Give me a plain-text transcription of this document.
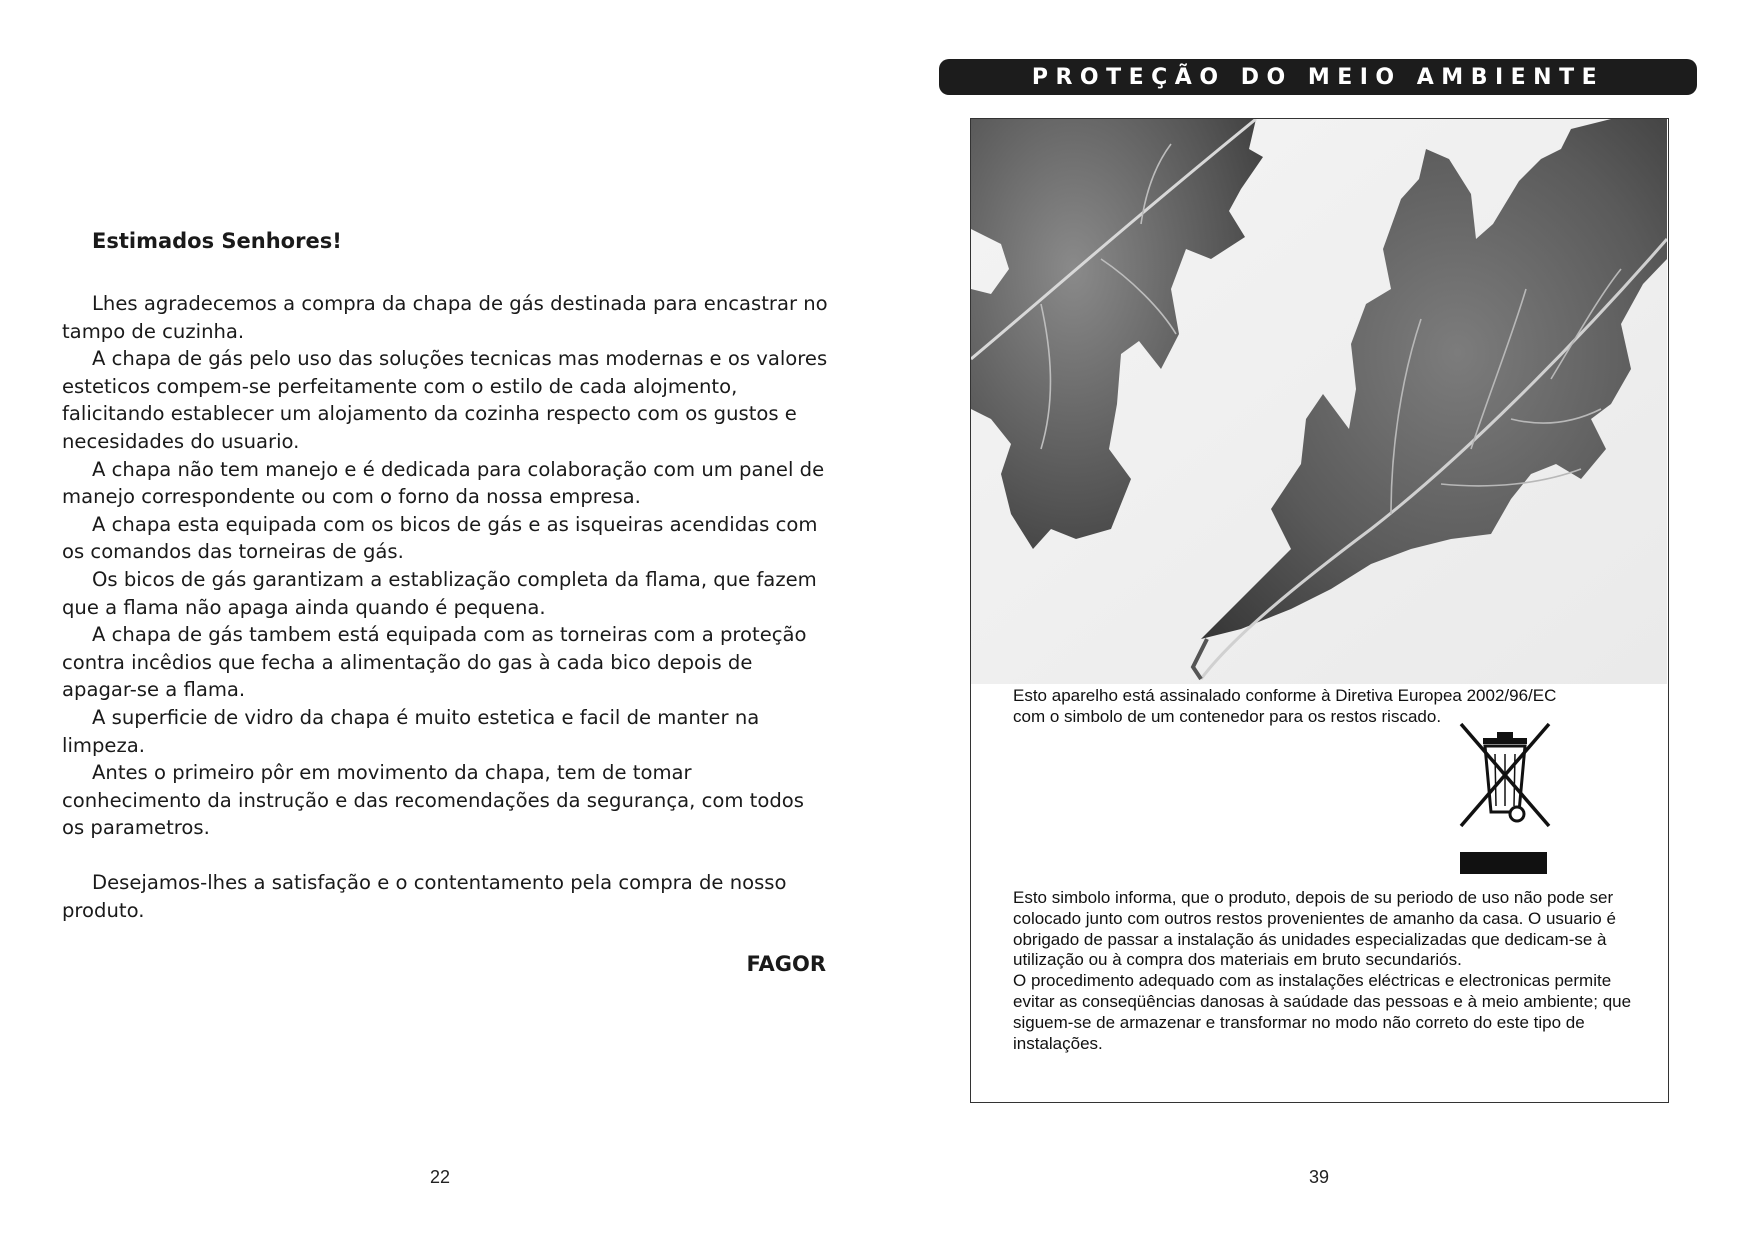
Estimados Senhores!

Lhes agradecemos a compra da chapa de gás destinada para encastrar no tampo de cuzinha.

A chapa de gás pelo uso das soluções tecnicas mas modernas e os valores esteticos compem-se perfeitamente com o estilo de cada alojmento, falicitando establecer um alojamento da cozinha respecto com os gustos e necesidades do usuario.

A chapa não tem manejo e é dedicada para colaboração com um panel de manejo correspondente ou com o forno da nossa empresa.

A chapa esta equipada com os bicos de gás e as isqueiras acendidas com os comandos das torneiras de gás.

Os bicos de gás garantizam a establização completa da flama, que fazem que a flama não apaga ainda quando é pequena.

A chapa de gás tambem está equipada com as torneiras com a proteção contra incêdios que fecha a alimentação do gas à cada bico depois de apagar-se a flama.

A superficie de vidro da chapa é muito estetica e facil de manter na limpeza.

Antes o primeiro pôr em movimento da chapa, tem de tomar conhecimento da instrução e das recomendações da segurança, com todos os parametros.

Desejamos-lhes a satisfação e o contentamento pela compra de nosso produto.

FAGOR
22
PROTEÇÃO DO MEIO AMBIENTE
Esto aparelho está assinalado conforme à Diretiva Europea 2002/96/EC
com o simbolo de um contenedor para os restos riscado.

Esto simbolo informa, que o produto, depois de su periodo de uso não pode ser colocado junto com outros restos provenientes de amanho da casa. O usuario é obrigado de passar a instalação ás unidades especializadas que dedicam-se à utilização ou à compra dos materiais em bruto secundariós.

O procedimento adequado com as instalações eléctricas e electronicas permite evitar as conseqüências danosas à saúdade das pessoas e à meio ambiente; que siguem-se de armazenar e transformar no modo não correto do este tipo de instalações.

39
